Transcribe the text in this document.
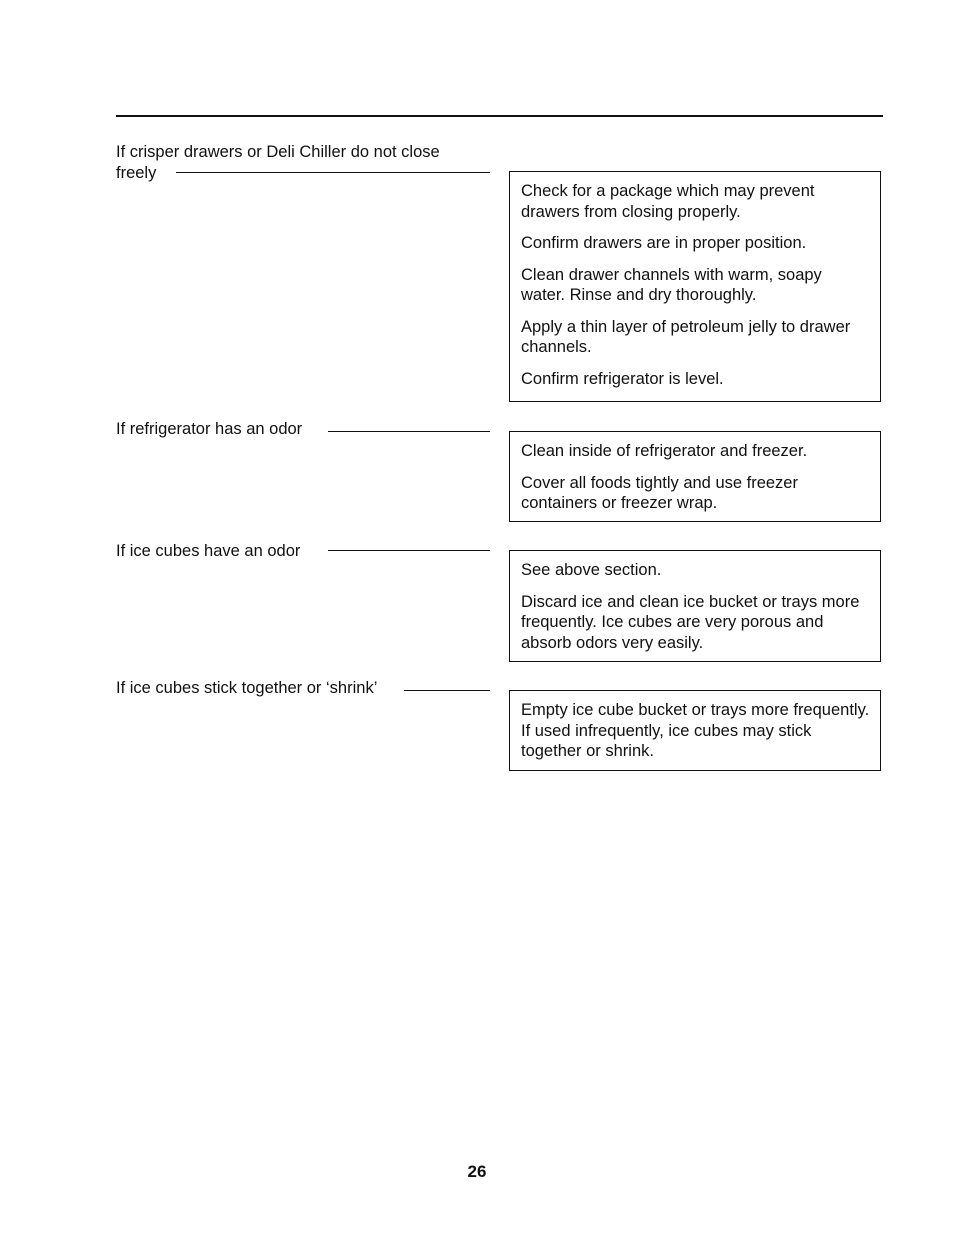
If crisper drawers or Deli Chiller do not close
freely

Check for a package which may prevent drawers from closing properly.

Confirm drawers are in proper position.

Clean drawer channels with warm, soapy water. Rinse and dry thoroughly.

Apply a thin layer of petroleum jelly to drawer channels.

Confirm refrigerator is level.

If refrigerator has an odor

Clean inside of refrigerator and freezer.

Cover all foods tightly and use freezer containers or freezer wrap.

If ice cubes have an odor

See above section.

Discard ice and clean ice bucket or trays more frequently. Ice cubes are very porous and absorb odors very easily.

If ice cubes stick together or ‘shrink’

Empty ice cube bucket or trays more frequently. If used infrequently, ice cubes may stick together or shrink.

26
